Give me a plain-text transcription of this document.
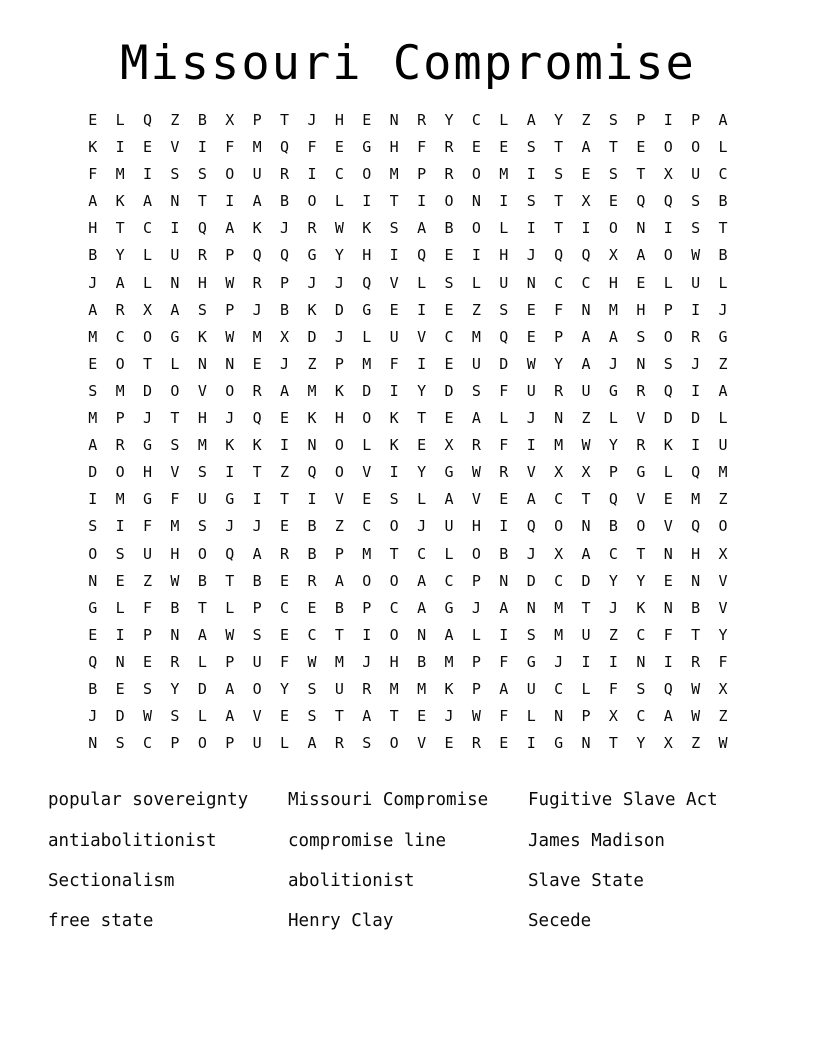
Missouri Compromise
E	L	Q	Z	B	X	P	T	J	H	E	N	R	Y	C	L	A	Y	Z	S	P	I	P	A
K	I	E	V	I	F	M	Q	F	E	G	H	F	R	E	E	S	T	A	T	E	O	O	L
F	M	I	S	S	O	U	R	I	C	O	M	P	R	O	M	I	S	E	S	T	X	U	C
A	K	A	N	T	I	A	B	O	L	I	T	I	O	N	I	S	T	X	E	Q	Q	S	B
H	T	C	I	Q	A	K	J	R	W	K	S	A	B	O	L	I	T	I	O	N	I	S	T
B	Y	L	U	R	P	Q	Q	G	Y	H	I	Q	E	I	H	J	Q	Q	X	A	O	W	B
J	A	L	N	H	W	R	P	J	J	Q	V	L	S	L	U	N	C	C	H	E	L	U	L
A	R	X	A	S	P	J	B	K	D	G	E	I	E	Z	S	E	F	N	M	H	P	I	J
M	C	O	G	K	W	M	X	D	J	L	U	V	C	M	Q	E	P	A	A	S	O	R	G
E	O	T	L	N	N	E	J	Z	P	M	F	I	E	U	D	W	Y	A	J	N	S	J	Z
S	M	D	O	V	O	R	A	M	K	D	I	Y	D	S	F	U	R	U	G	R	Q	I	A
M	P	J	T	H	J	Q	E	K	H	O	K	T	E	A	L	J	N	Z	L	V	D	D	L
A	R	G	S	M	K	K	I	N	O	L	K	E	X	R	F	I	M	W	Y	R	K	I	U
D	O	H	V	S	I	T	Z	Q	O	V	I	Y	G	W	R	V	X	X	P	G	L	Q	M
I	M	G	F	U	G	I	T	I	V	E	S	L	A	V	E	A	C	T	Q	V	E	M	Z
S	I	F	M	S	J	J	E	B	Z	C	O	J	U	H	I	Q	O	N	B	O	V	Q	O
O	S	U	H	O	Q	A	R	B	P	M	T	C	L	O	B	J	X	A	C	T	N	H	X
N	E	Z	W	B	T	B	E	R	A	O	O	A	C	P	N	D	C	D	Y	Y	E	N	V
G	L	F	B	T	L	P	C	E	B	P	C	A	G	J	A	N	M	T	J	K	N	B	V
E	I	P	N	A	W	S	E	C	T	I	O	N	A	L	I	S	M	U	Z	C	F	T	Y
Q	N	E	R	L	P	U	F	W	M	J	H	B	M	P	F	G	J	I	I	N	I	R	F
B	E	S	Y	D	A	O	Y	S	U	R	M	M	K	P	A	U	C	L	F	S	Q	W	X
J	D	W	S	L	A	V	E	S	T	A	T	E	J	W	F	L	N	P	X	C	A	W	Z
N	S	C	P	O	P	U	L	A	R	S	O	V	E	R	E	I	G	N	T	Y	X	Z	W
popular sovereignty	Missouri Compromise	Fugitive Slave Act
antiabolitionist	compromise line	James Madison
Sectionalism	abolitionist	Slave State
free state	Henry Clay	Secede
